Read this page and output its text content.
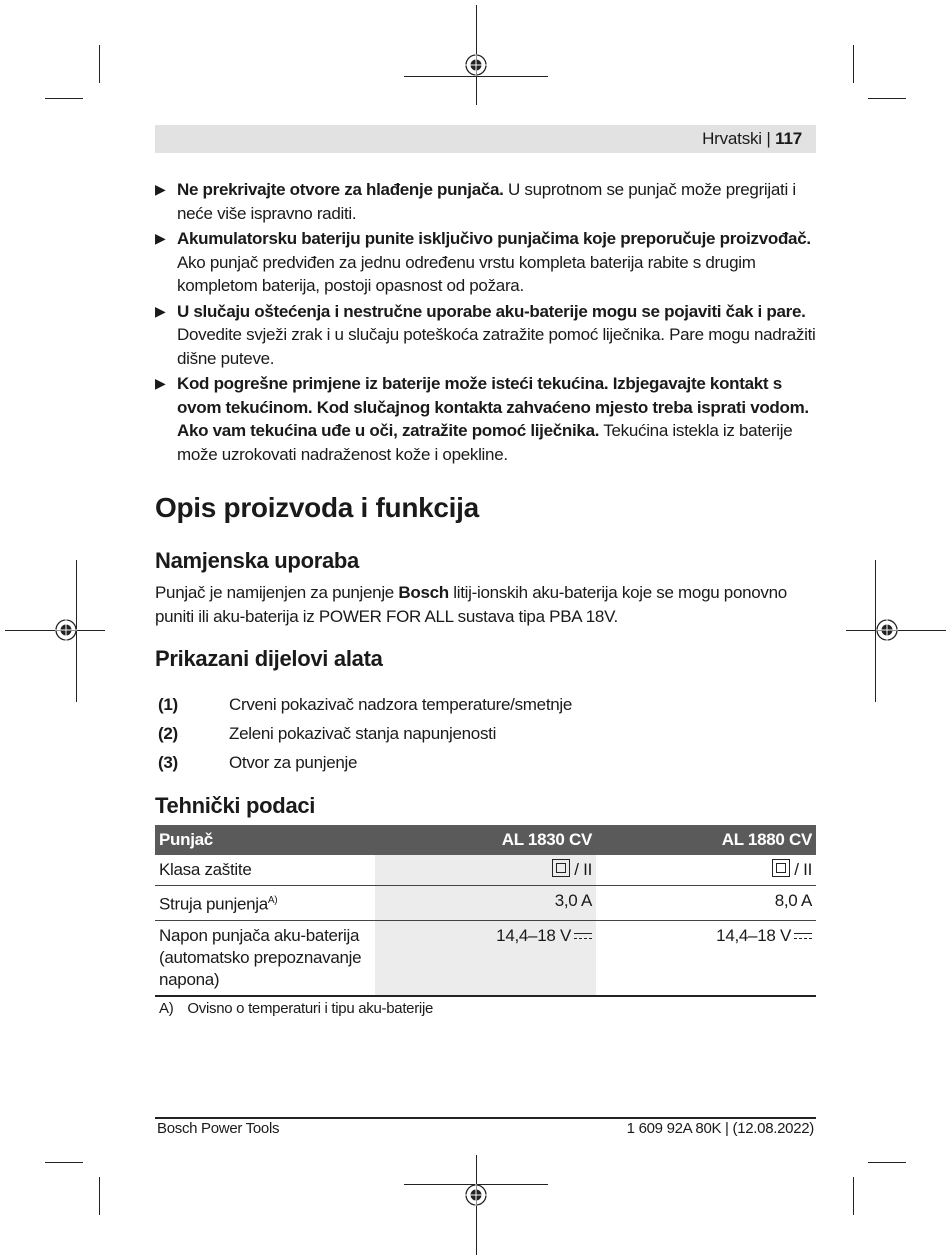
Hrvatski | 117
▶ Ne prekrivajte otvore za hlađenje punjača. U suprotnom se punjač može pregrijati i neće više ispravno raditi.
▶ Akumulatorsku bateriju punite isključivo punjačima koje preporučuje proizvođač. Ako punjač predviđen za jednu određenu vrstu kompleta baterija rabite s drugim kompletom baterija, postoji opasnost od požara.
▶ U slučaju oštećenja i nestručne uporabe aku-baterije mogu se pojaviti čak i pare. Dovedite svježi zrak i u slučaju poteškoća zatražite pomoć liječnika. Pare mogu nadražiti dišne puteve.
▶ Kod pogrešne primjene iz baterije može isteći tekućina. Izbjegavajte kontakt s ovom tekućinom. Kod slučajnog kontakta zahvaćeno mjesto treba isprati vodom. Ako vam tekućina uđe u oči, zatražite pomoć liječnika. Tekućina istekla iz baterije može uzrokovati nadraženost kože i opekline.
Opis proizvoda i funkcija
Namjenska uporaba
Punjač je namijenjen za punjenje Bosch litij-ionskih aku-baterija koje se mogu ponovno puniti ili aku-baterija iz POWER FOR ALL sustava tipa PBA 18V.
Prikazani dijelovi alata
(1)	Crveni pokazivač nadzora temperature/smetnje
(2)	Zeleni pokazivač stanja napunjenosti
(3)	Otvor za punjenje
Tehnički podaci
Punjač	AL 1830 CV	AL 1880 CV
Klasa zaštite	/ II	/ II
Struja punjenja$^{A)}$	3,0 A	8,0 A
Napon punjača aku-baterija (automatsko prepoznavanje napona)	14,4–18 V	14,4–18 V
A) Ovisno o temperaturi i tipu aku-baterije
Bosch Power Tools	1 609 92A 80K | (12.08.2022)
